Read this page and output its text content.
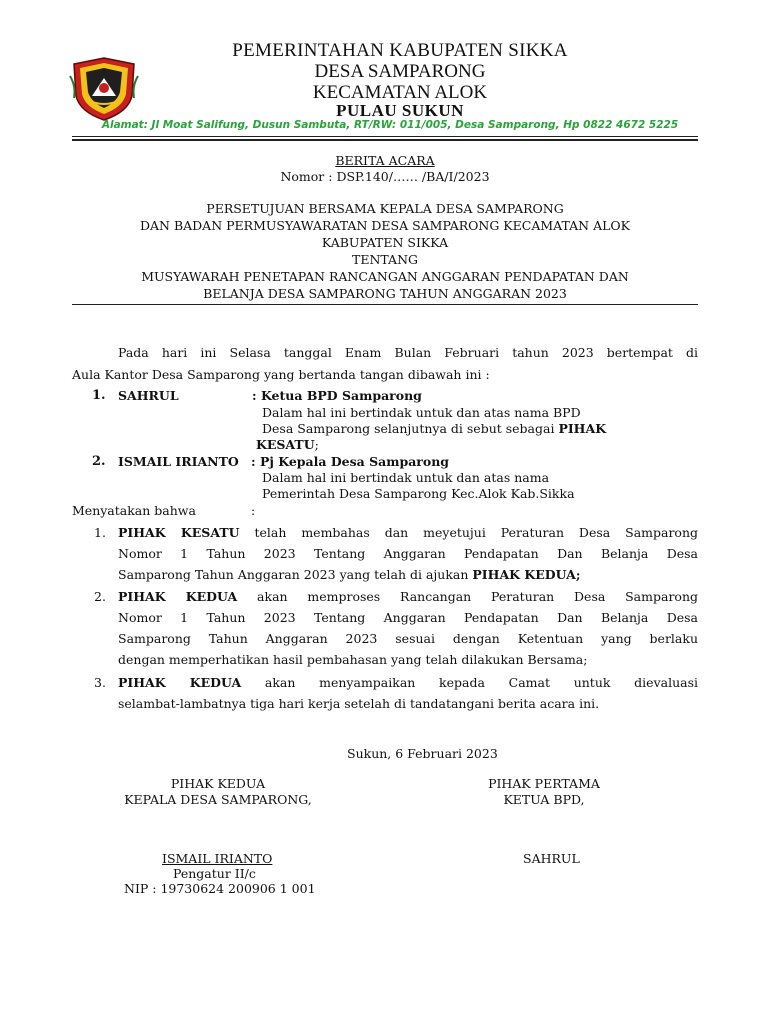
PEMERINTAHAN KABUPATEN SIKKA
DESA SAMPARONG
KECAMATAN ALOK
PULAU SUKUN
Alamat: Jl Moat Salifung, Dusun Sambuta, RT/RW: 011/005, Desa Samparong, Hp 0822 4672 5225
BERITA ACARA
Nomor : DSP.140/…… /BA/I/2023
PERSETUJUAN BERSAMA KEPALA DESA SAMPARONG
DAN BADAN PERMUSYAWARATAN DESA SAMPARONG KECAMATAN ALOK
KABUPATEN SIKKA
TENTANG
MUSYAWARAH PENETAPAN RANCANGAN ANGGARAN PENDAPATAN DAN
BELANJA DESA SAMPARONG TAHUN ANGGARAN 2023
Pada hari ini Selasa tanggal Enam Bulan Februari tahun 2023 bertempat di
Aula Kantor Desa Samparong yang bertanda tangan dibawah ini :
1. SAHRUL	: Ketua BPD Samparong
Dalam hal ini bertindak untuk dan atas nama BPD
Desa Samparong selanjutnya di sebut sebagai PIHAK
KESATU;
2. ISMAIL IRIANTO : Pj Kepala Desa Samparong
Dalam hal ini bertindak untuk dan atas nama
Pemerintah Desa Samparong Kec.Alok Kab.Sikka
Menyatakan bahwa	:
1. PIHAK KESATU telah membahas dan meyetujui Peraturan Desa Samparong
Nomor 1 Tahun 2023 Tentang Anggaran Pendapatan Dan Belanja Desa
Samparong Tahun Anggaran 2023 yang telah di ajukan PIHAK KEDUA;
2. PIHAK KEDUA akan memproses Rancangan Peraturan Desa Samparong
Nomor 1 Tahun 2023 Tentang Anggaran Pendapatan Dan Belanja Desa
Samparong Tahun Anggaran 2023 sesuai dengan Ketentuan yang berlaku
dengan memperhatikan hasil pembahasan yang telah dilakukan Bersama;
3. PIHAK KEDUA akan menyampaikan kepada Camat untuk dievaluasi
selambat-lambatnya tiga hari kerja setelah di tandatangani berita acara ini.
Sukun, 6 Februari 2023
PIHAK KEDUA
KEPALA DESA SAMPARONG,
ISMAIL IRIANTO
Pengatur II/c
NIP : 19730624 200906 1 001
PIHAK PERTAMA
KETUA BPD,
SAHRUL
